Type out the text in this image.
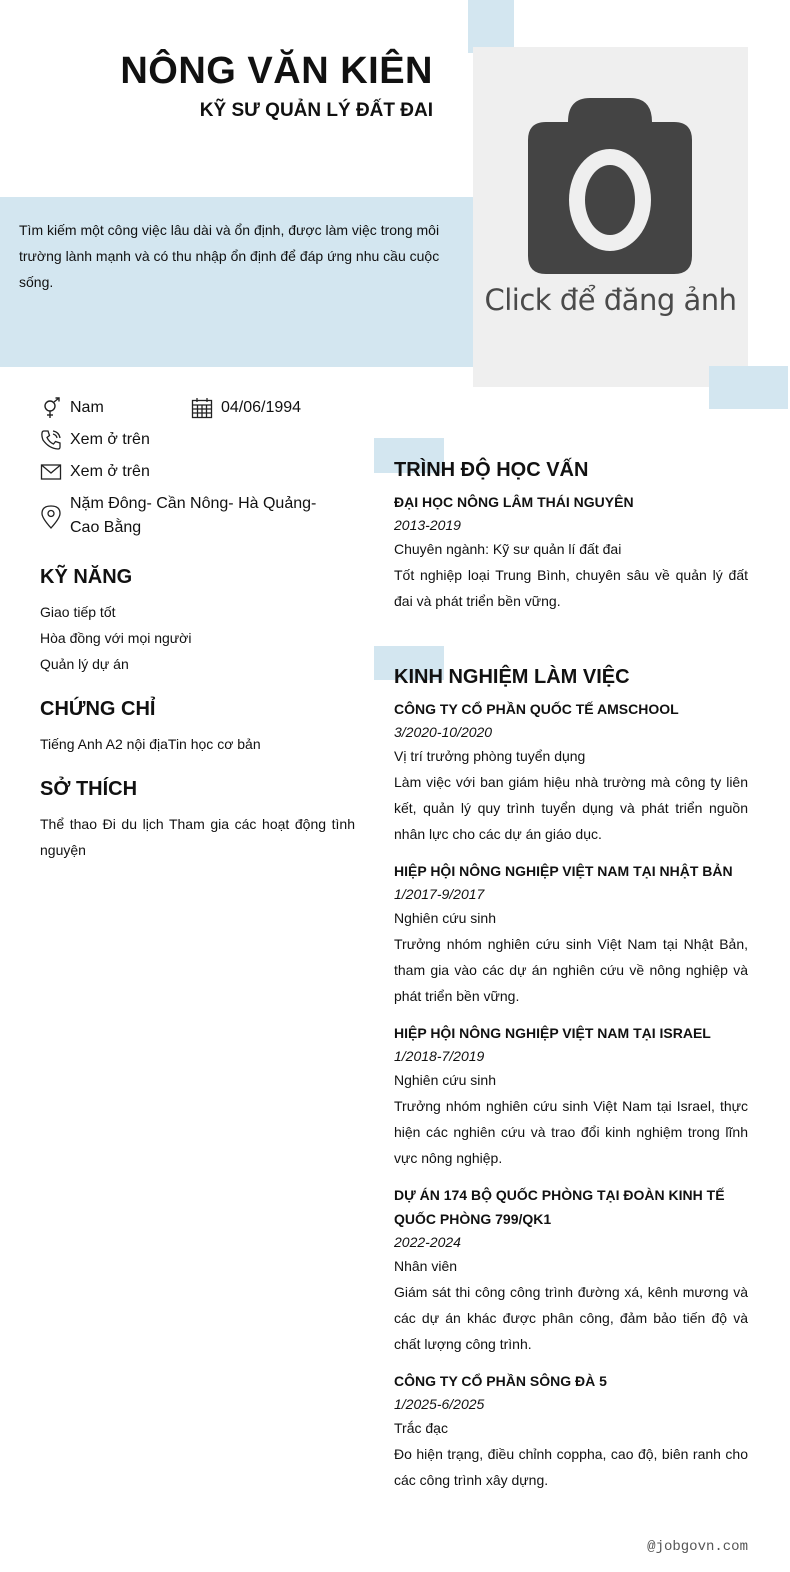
Click để đăng ảnh
NÔNG VĂN KIÊN
KỸ SƯ QUẢN LÝ ĐẤT ĐAI
Tìm kiếm một công việc lâu dài và ổn định, được làm việc trong môi trường lành mạnh và có thu nhập ổn định để đáp ứng nhu cầu cuộc sống.
Nam	04/06/1994
Xem ở trên
Xem ở trên
Nặm Đông- Cần Nông- Hà Quảng- Cao Bằng
KỸ NĂNG
Giao tiếp tốt
Hòa đồng với mọi người
Quản lý dự án
CHỨNG CHỈ
Tiếng Anh A2 nội địaTin học cơ bản
SỞ THÍCH
Thể thao Đi du lịch Tham gia các hoạt động tình nguyện
TRÌNH ĐỘ HỌC VẤN
ĐẠI HỌC NÔNG LÂM THÁI NGUYÊN
2013-2019
Chuyên ngành: Kỹ sư quản lí đất đai
Tốt nghiệp loại Trung Bình, chuyên sâu về quản lý đất đai và phát triển bền vững.
KINH NGHIỆM LÀM VIỆC
CÔNG TY CỔ PHẦN QUỐC TẾ AMSCHOOL
3/2020-10/2020
Vị trí trưởng phòng tuyển dụng
Làm việc với ban giám hiệu nhà trường mà công ty liên kết, quản lý quy trình tuyển dụng và phát triển nguồn nhân lực cho các dự án giáo dục.
HIỆP HỘI NÔNG NGHIỆP VIỆT NAM TẠI NHẬT BẢN
1/2017-9/2017
Nghiên cứu sinh
Trưởng nhóm nghiên cứu sinh Việt Nam tại Nhật Bản, tham gia vào các dự án nghiên cứu về nông nghiệp và phát triển bền vững.
HIỆP HỘI NÔNG NGHIỆP VIỆT NAM TẠI ISRAEL
1/2018-7/2019
Nghiên cứu sinh
Trưởng nhóm nghiên cứu sinh Việt Nam tại Israel, thực hiện các nghiên cứu và trao đổi kinh nghiệm trong lĩnh vực nông nghiệp.
DỰ ÁN 174 BỘ QUỐC PHÒNG TẠI ĐOÀN KINH TẾ QUỐC PHÒNG 799/QK1
2022-2024
Nhân viên
Giám sát thi công công trình đường xá, kênh mương và các dự án khác được phân công, đảm bảo tiến độ và chất lượng công trình.
CÔNG TY CỔ PHẦN SÔNG ĐÀ 5
1/2025-6/2025
Trắc đạc
Đo hiện trạng, điều chỉnh coppha, cao độ, biên ranh cho các công trình xây dựng.
@jobgovn.com
